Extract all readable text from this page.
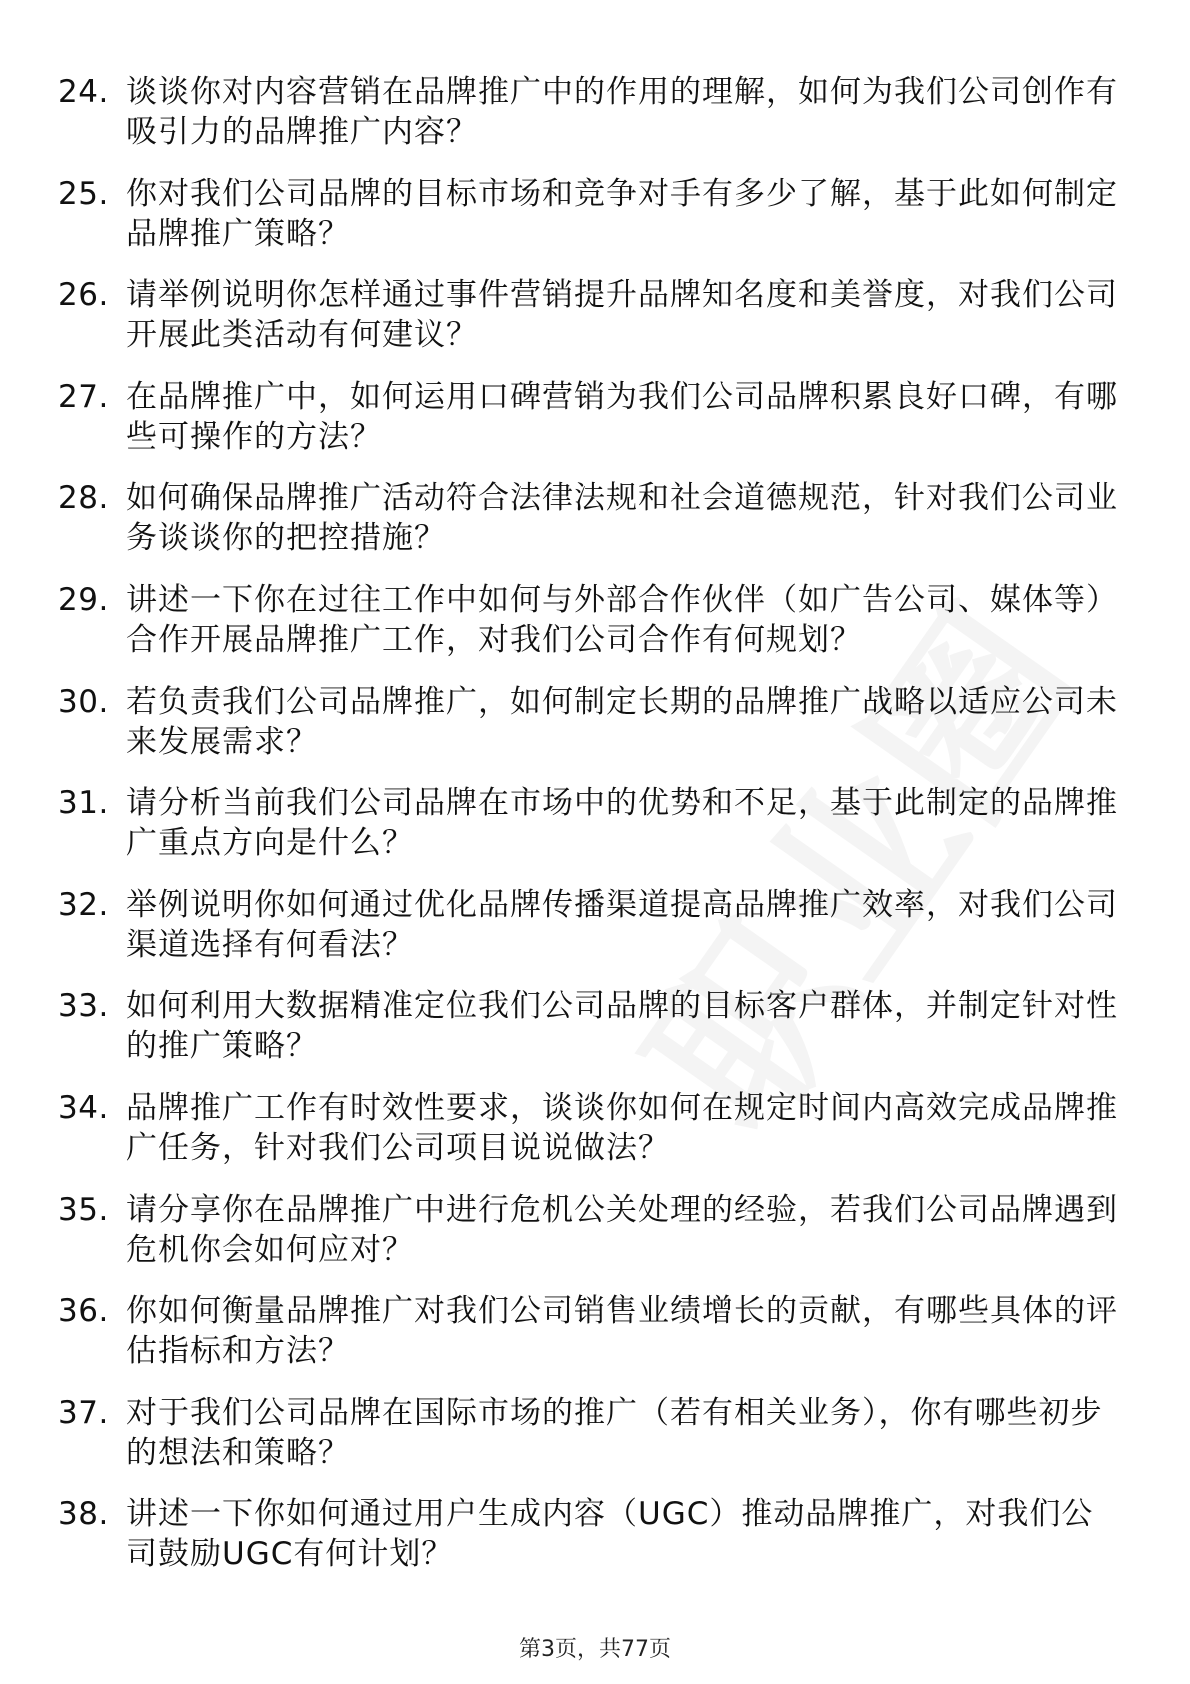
24. 谈谈你对内容营销在品牌推广中的作用的理解，如何为我们公司创作有吸引力的品牌推广内容？
25. 你对我们公司品牌的目标市场和竞争对手有多少了解，基于此如何制定品牌推广策略？
26. 请举例说明你怎样通过事件营销提升品牌知名度和美誉度，对我们公司开展此类活动有何建议？
27. 在品牌推广中，如何运用口碑营销为我们公司品牌积累良好口碑，有哪些可操作的方法？
28. 如何确保品牌推广活动符合法律法规和社会道德规范，针对我们公司业务谈谈你的把控措施？
29. 讲述一下你在过往工作中如何与外部合作伙伴（如广告公司、媒体等）合作开展品牌推广工作，对我们公司合作有何规划？
30. 若负责我们公司品牌推广，如何制定长期的品牌推广战略以适应公司未来发展需求？
31. 请分析当前我们公司品牌在市场中的优势和不足，基于此制定的品牌推广重点方向是什么？
32. 举例说明你如何通过优化品牌传播渠道提高品牌推广效率，对我们公司渠道选择有何看法？
33. 如何利用大数据精准定位我们公司品牌的目标客户群体，并制定针对性的推广策略？
34. 品牌推广工作有时效性要求，谈谈你如何在规定时间内高效完成品牌推广任务，针对我们公司项目说说做法？
35. 请分享你在品牌推广中进行危机公关处理的经验，若我们公司品牌遇到危机你会如何应对？
36. 你如何衡量品牌推广对我们公司销售业绩增长的贡献，有哪些具体的评估指标和方法？
37. 对于我们公司品牌在国际市场的推广（若有相关业务），你有哪些初步的想法和策略？
38. 讲述一下你如何通过用户生成内容（UGC）推动品牌推广，对我们公司鼓励UGC有何计划？
第3页，共77页
